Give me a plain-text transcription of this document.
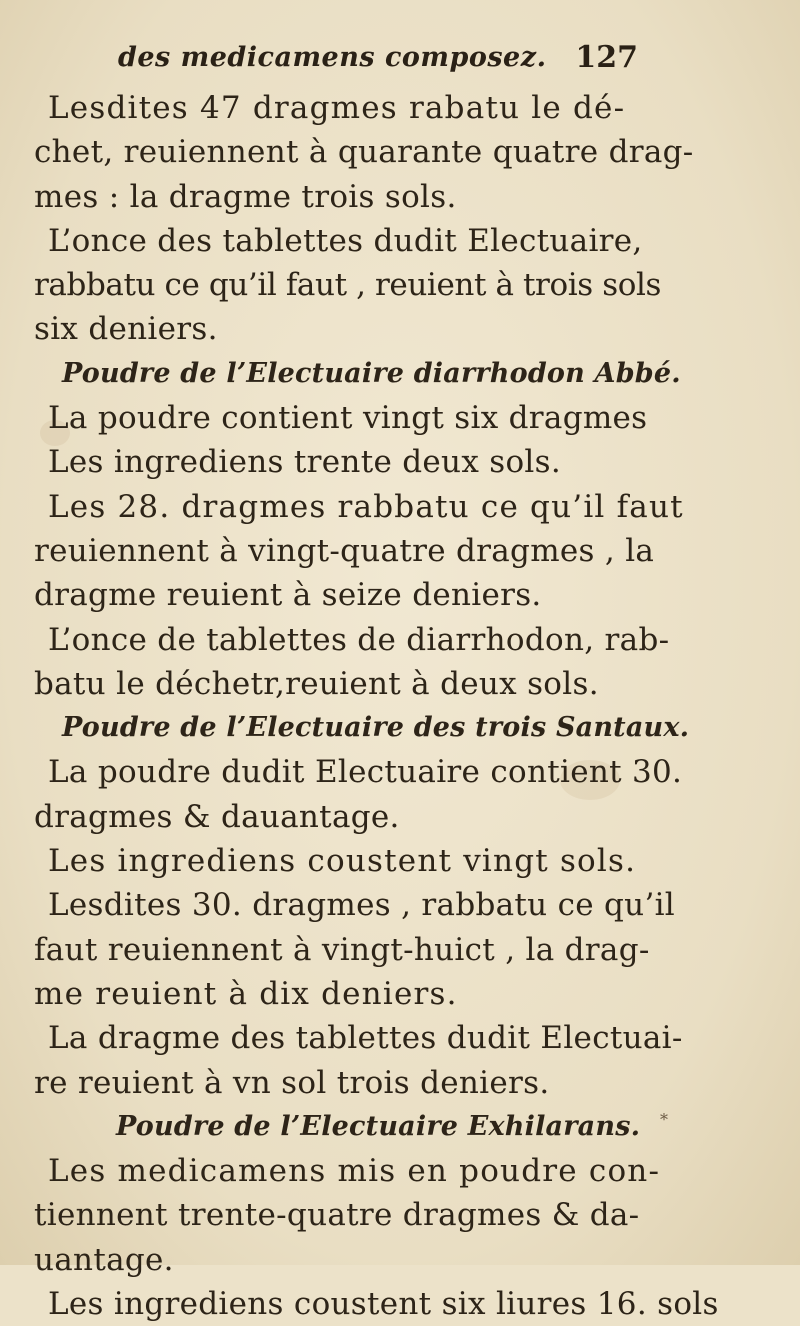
des medicamens composez. 127
Lesdites 47 dragmes rabatu le dé-
chet, reuiennent à quarante quatre drag-
mes : la dragme trois sols.
L’once des tablettes dudit Electuaire,
rabbatu ce qu’il faut , reuient à trois sols
six deniers.
Poudre de l’Electuaire diarrhodon Abbé.
La poudre contient vingt six dragmes
Les ingrediens trente deux sols.
Les 28. dragmes rabbatu ce qu’il faut
reuiennent à vingt-quatre dragmes , la
dragme reuient à seize deniers.
L’once de tablettes de diarrhodon, rab-
batu le déchetr,reuient à deux sols.
Poudre de l’Electuaire des trois Santaux.
La poudre dudit Electuaire contient 30.
dragmes & dauantage.
Les ingrediens coustent vingt sols.
Lesdites 30. dragmes , rabbatu ce qu’il
faut reuiennent à vingt-huict , la drag-
me reuient à dix deniers.
La dragme des tablettes dudit Electuai-
re reuient à vn sol trois deniers.
Poudre de l’Electuaire Exhilarans.
Les medicamens mis en poudre con-
tiennent trente-quatre dragmes & da-
uantage.
Les ingrediens coustent six liures 16. sols
*
